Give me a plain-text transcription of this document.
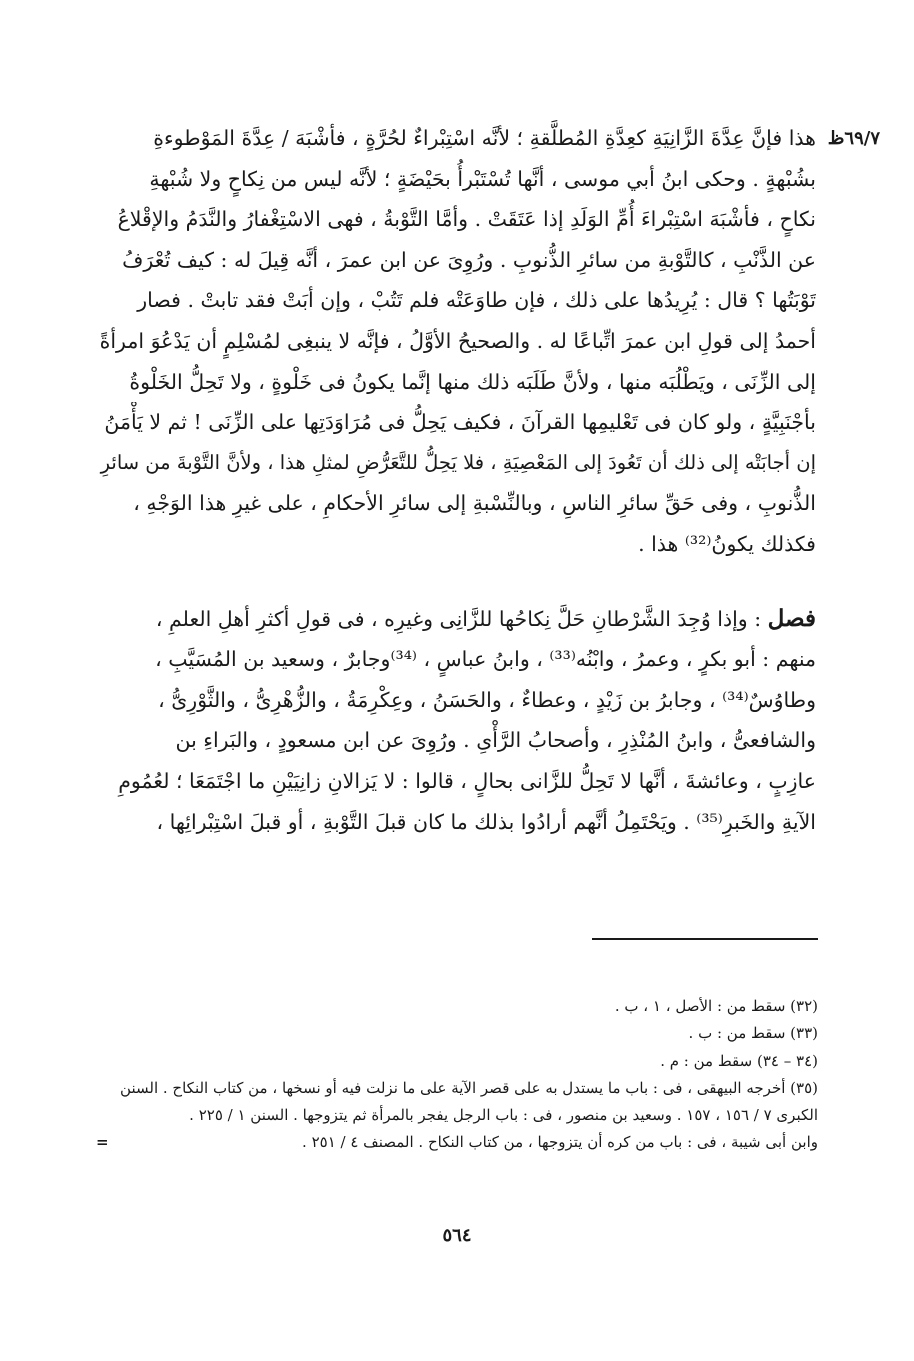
٦٩/٧ظ
هذا فإنَّ عِدَّةَ الزَّانِيَةِ كعِدَّةِ المُطلَّقةِ ؛ لأنَّه اسْتِبْراءٌ لحُرَّةٍ ، فأشْبَهَ / عِدَّةَ المَوْطوءةِ
بشُبْهةٍ . وحكى ابنُ أبي موسى ، أنَّها تُسْتَبْرأُ بحَيْضَةٍ ؛ لأنَّه ليس من نِكاحٍ ولا شُبْهةِ
نكاحٍ ، فأشْبَهَ اسْتِبْراءَ أُمِّ الوَلَدِ إذا عَتَقَتْ . وأمَّا التَّوْبةُ ، فهى الاسْتِغْفارُ والنَّدَمُ والإقْلاعُ
عن الذَّنْبِ ، كالتَّوْبةِ من سائرِ الذُّنوبِ . ورُوِىَ عن ابن عمرَ ، أنَّه قِيلَ له : كيف تُعْرَفُ
تَوْبَتُها ؟ قال : يُرِيدُها على ذلك ، فإن طاوَعَتْه فلم تَتُبْ ، وإن أبَتْ فقد تابتْ . فصار
أحمدُ إلى قولِ ابن عمرَ اتِّباعًا له . والصحيحُ الأوَّلُ ، فإنَّه لا ينبغِى لمُسْلِمٍ أن يَدْعُوَ امرأةً
إلى الزِّنَى ، ويَطْلُبَه منها ، ولأنَّ طَلَبَه ذلك منها إنَّما يكونُ فى خَلْوةٍ ، ولا تَحِلُّ الخَلْوةُ
بأجْنَبِيَّةٍ ، ولو كان فى تَعْليمِها القرآنَ ، فكيف يَحِلُّ فى مُرَاوَدَتِها على الزِّنَى ! ثم لا يَأْمَنُ
إن أجابَتْه إلى ذلك أن تَعُودَ إلى المَعْصِيَةِ ، فلا يَحِلُّ للتَّعَرُّضِ لمثلِ هذا ، ولأنَّ التَّوْبةَ من سائرِ
الذُّنوبِ ، وفى حَقِّ سائرِ الناسِ ، وبالنِّسْبةِ إلى سائرِ الأحكامِ ، على غيرِ هذا الوَجْهِ ،
فكذلك يكونُ⁽³²⁾ هذا .
فصل : وإذا وُجِدَ الشَّرْطانِ حَلَّ نِكاحُها للزَّانِى وغيرِه ، فى قولِ أكثرِ أهلِ العلمِ ،
منهم : أبو بكرٍ ، وعمرُ ، وابْنُه⁽³³⁾ ، وابنُ عباسٍ ، ⁽³⁴⁾وجابرٌ ، وسعيد بن المُسَيَّبِ ،
وطاوُسٌ⁽³⁴⁾ ، وجابرُ بن زَيْدٍ ، وعطاءٌ ، والحَسَنُ ، وعِكْرِمَةُ ، والزُّهْرِىُّ ، والثَّوْرِىُّ ،
والشافعىُّ ، وابنُ المُنْذِرِ ، وأصحابُ الرَّأْىِ . ورُوِىَ عن ابن مسعودٍ ، والبَراءِ بن
عازِبٍ ، وعائشةَ ، أنَّها لا تَحِلُّ للزَّانى بحالٍ ، قالوا : لا يَزالانِ زانِيَيْنِ ما اجْتَمَعَا ؛ لعُمُومِ
الآيةِ والخَبرِ⁽³⁵⁾ . ويَحْتَمِلُ أنَّهم أرادُوا بذلك ما كان قبلَ التَّوْبةِ ، أو قبلَ اسْتِبْرائِها ،
(٣٢) سقط من : الأصل ، ١ ، ب .
(٣٣) سقط من : ب .
(٣٤ – ٣٤) سقط من : م .
(٣٥) أخرجه البيهقى ، فى : باب ما يستدل به على قصر الآية على ما نزلت فيه أو نسخها ، من كتاب النكاح . السنن
الكبرى ٧ / ١٥٦ ، ١٥٧ . وسعيد بن منصور ، فى : باب الرجل يفجر بالمرأة ثم يتزوجها . السنن ١ / ٢٢٥ .
وابن أبى شيبة ، فى : باب من كره أن يتزوجها ، من كتاب النكاح . المصنف ٤ / ٢٥١ .
=
٥٦٤
